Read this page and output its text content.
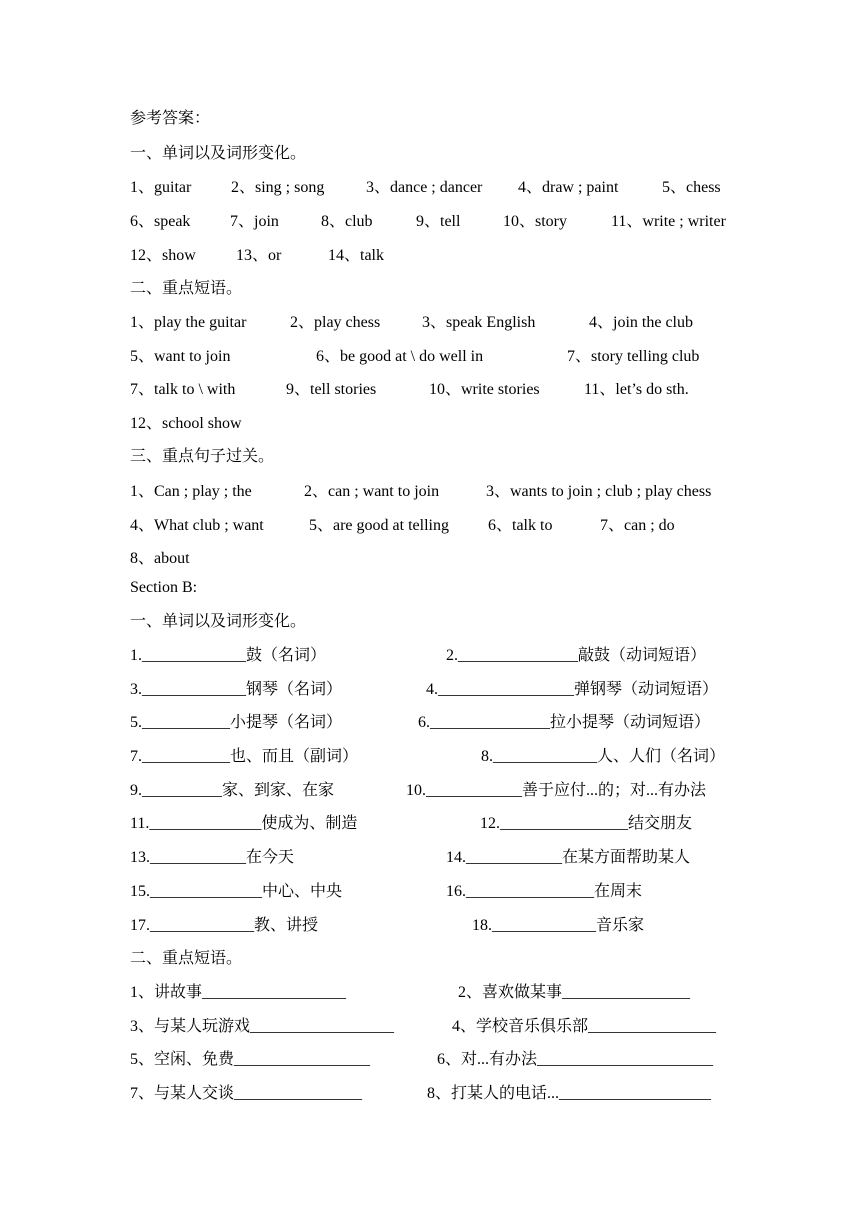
参考答案：
一、单词以及词形变化。
1、guitar 2、sing ; song	3、dance ; dancer 4、draw ; paint	5、chess
6、speak 7、join	8、club	9、tell	10、story	11、write ; writer
12、show	13、or	14、talk
二、重点短语。
1、play the guitar	2、play chess	3、speak English	4、join the club
5、want to join	6、be good at \ do well in	7、story telling club
7、talk to \ with	9、tell stories	10、write stories	11、let’s do sth.
12、school show
三、重点句子过关。
1、Can ; play ; the	2、can ; want to join	3、wants to join ; club ; play chess
4、What club ; want	5、are good at telling 6、talk to	7、can ; do
8、about
Section B:
一、单词以及词形变化。
1._____________鼓（名词）	2._______________敲鼓（动词短语）
3._____________钢琴（名词）	4._________________弹钢琴（动词短语）
5.___________小提琴（名词）	6._______________拉小提琴（动词短语）
7.___________也、而且（副词）	8._____________人、人们（名词）
9.__________家、到家、在家	10.____________善于应付...的；对...有办法
11.______________使成为、制造	12.________________结交朋友
13.____________在今天	14.____________在某方面帮助某人
15.______________中心、中央	16.________________在周末
17._____________教、讲授	18._____________音乐家
二、重点短语。
1、讲故事__________________	2、喜欢做某事________________
3、与某人玩游戏__________________	4、学校音乐俱乐部________________
5、空闲、免费_________________	6、对...有办法______________________
7、与某人交谈________________	8、打某人的电话...___________________
